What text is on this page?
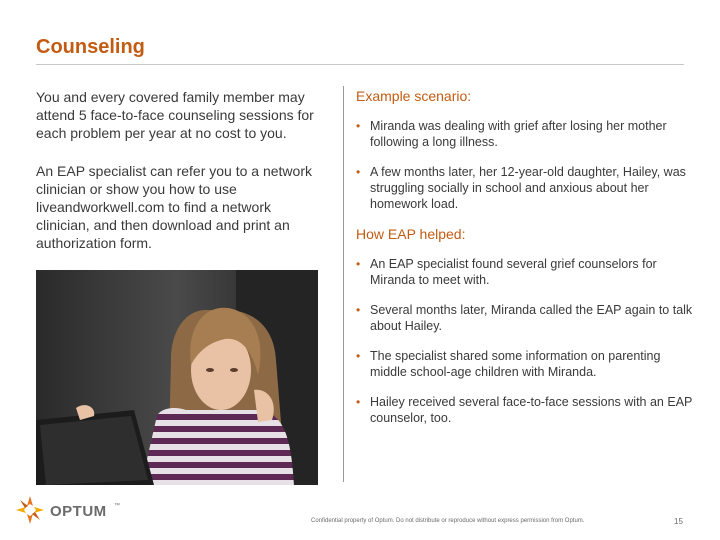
Counseling

You and every covered family member may attend 5 face-to-face counseling sessions for each problem per year at no cost to you.

An EAP specialist can refer you to a network clinician or show you how to use liveandworkwell.com to find a network clinician, and then download and print an authorization form.

Example scenario:
• Miranda was dealing with grief after losing her mother following a long illness.
• A few months later, her 12-year-old daughter, Hailey, was struggling socially in school and anxious about her homework load.
How EAP helped:
• An EAP specialist found several grief counselors for Miranda to meet with.
• Several months later, Miranda called the EAP again to talk about Hailey.
• The specialist shared some information on parenting middle school-age children with Miranda.
• Hailey received several face-to-face sessions with an EAP counselor, too.
OPTUM ™
Confidential property of Optum. Do not distribute or reproduce without express permission from Optum.	15
